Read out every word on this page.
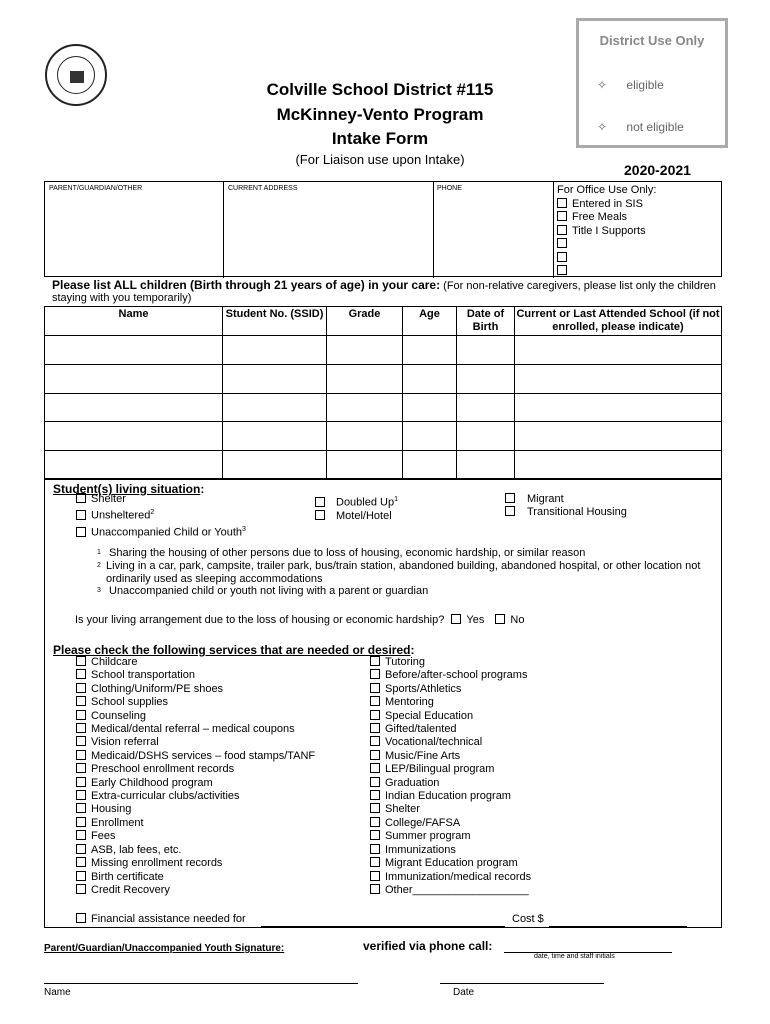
Colville School District #115
McKinney-Vento Program
Intake Form
(For Liaison use upon Intake)
District Use Only
✧ eligible
✧ not eligible
2020-2021
PARENT/GUARDIAN/OTHER	CURRENT ADDRESS	PHONE	For Office Use Only:
Entered in SIS
Free Meals
Title I Supports
Please list ALL children (Birth through 21 years of age) in your care: (For non-relative caregivers, please list only the children staying with you temporarily)
Name	Student No. (SSID)	Grade	Age	Date of Birth	Current or Last Attended School (if not enrolled, please indicate)

Student(s) living situation:
Shelter
Unsheltered$^2$
Unaccompanied Child or Youth$^3$
Doubled Up$^1$
Motel/Hotel
Migrant
Transitional Housing
1 Sharing the housing of other persons due to loss of housing, economic hardship, or similar reason
2 Living in a car, park, campsite, trailer park, bus/train station, abandoned building, abandoned hospital, or other location not ordinarily used as sleeping accommodations
3 Unaccompanied child or youth not living with a parent or guardian
Is your living arrangement due to the loss of housing or economic hardship? Yes No
Please check the following services that are needed or desired:
Childcare
School transportation
Clothing/Uniform/PE shoes
School supplies
Counseling
Medical/dental referral – medical coupons
Vision referral
Medicaid/DSHS services – food stamps/TANF
Preschool enrollment records
Early Childhood program
Extra-curricular clubs/activities
Housing
Enrollment
Fees
ASB, lab fees, etc.
Missing enrollment records
Birth certificate
Credit Recovery
Tutoring
Before/after-school programs
Sports/Athletics
Mentoring
Special Education
Gifted/talented
Vocational/technical
Music/Fine Arts
LEP/Bilingual program
Graduation
Indian Education program
Shelter
College/FAFSA
Summer program
Immunizations
Migrant Education program
Immunization/medical records
Other___________________
Financial assistance needed for	Cost $
Parent/Guardian/Unaccompanied Youth Signature:	verified via phone call:
date, time and staff initials
Name	Date
